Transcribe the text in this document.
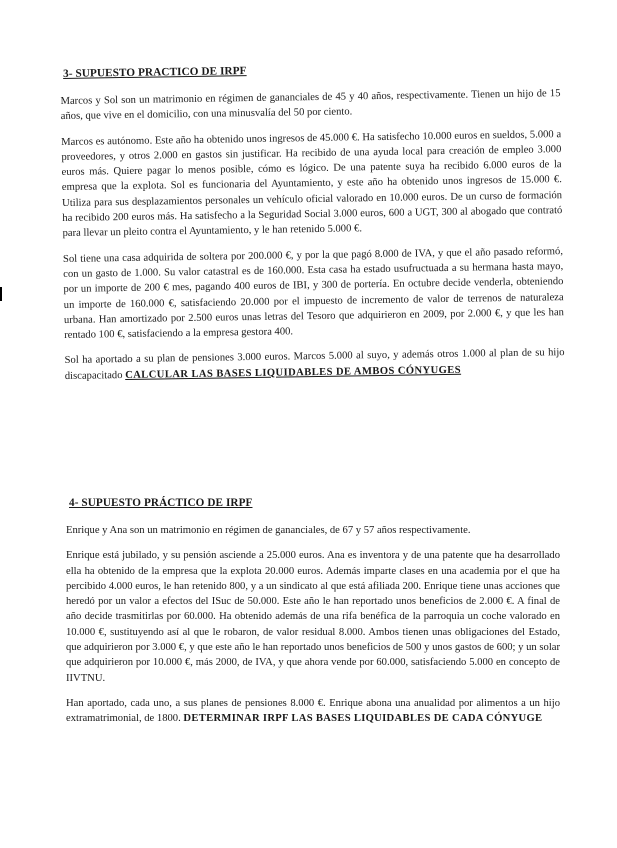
3- SUPUESTO PRACTICO DE IRPF

Marcos y Sol son un matrimonio en régimen de gananciales de 45 y 40 años, respectivamente. Tienen un hijo de 15 años, que vive en el domicilio, con una minusvalía del 50 por ciento.

Marcos es autónomo. Este año ha obtenido unos ingresos de 45.000 €. Ha satisfecho 10.000 euros en sueldos, 5.000 a proveedores, y otros 2.000 en gastos sin justificar. Ha recibido de una ayuda local para creación de empleo 3.000 euros más. Quiere pagar lo menos posible, cómo es lógico. De una patente suya ha recibido 6.000 euros de la empresa que la explota. Sol es funcionaria del Ayuntamiento, y este año ha obtenido unos ingresos de 15.000 €. Utiliza para sus desplazamientos personales un vehículo oficial valorado en 10.000 euros. De un curso de formación ha recibido 200 euros más. Ha satisfecho a la Seguridad Social 3.000 euros, 600 a UGT, 300 al abogado que contrató para llevar un pleito contra el Ayuntamiento, y le han retenido 5.000 €.

Sol tiene una casa adquirida de soltera por 200.000 €, y por la que pagó 8.000 de IVA, y que el año pasado reformó, con un gasto de 1.000. Su valor catastral es de 160.000. Esta casa ha estado usufructuada a su hermana hasta mayo, por un importe de 200 € mes, pagando 400 euros de IBI, y 300 de portería. En octubre decide venderla, obteniendo un importe de 160.000 €, satisfaciendo 20.000 por el impuesto de incremento de valor de terrenos de naturaleza urbana. Han amortizado por 2.500 euros unas letras del Tesoro que adquirieron en 2009, por 2.000 €, y que les han rentado 100 €, satisfaciendo a la empresa gestora 400.

Sol ha aportado a su plan de pensiones 3.000 euros. Marcos 5.000 al suyo, y además otros 1.000 al plan de su hijo discapacitado CALCULAR LAS BASES LIQUIDABLES DE AMBOS CÓNYUGES

4- SUPUESTO PRÁCTICO DE IRPF

Enrique y Ana son un matrimonio en régimen de gananciales, de 67 y 57 años respectivamente.

Enrique está jubilado, y su pensión asciende a 25.000 euros. Ana es inventora y de una patente que ha desarrollado ella ha obtenido de la empresa que la explota 20.000 euros. Además imparte clases en una academia por el que ha percibido 4.000 euros, le han retenido 800, y a un sindicato al que está afiliada 200. Enrique tiene unas acciones que heredó por un valor a efectos del ISuc de 50.000. Este año le han reportado unos beneficios de 2.000 €. A final de año decide trasmitirlas por 60.000. Ha obtenido además de una rifa benéfica de la parroquia un coche valorado en 10.000 €, sustituyendo así al que le robaron, de valor residual 8.000. Ambos tienen unas obligaciones del Estado, que adquirieron por 3.000 €, y que este año le han reportado unos beneficios de 500 y unos gastos de 600; y un solar que adquirieron por 10.000 €, más 2000, de IVA, y que ahora vende por 60.000, satisfaciendo 5.000 en concepto de IIVTNU.

Han aportado, cada uno, a sus planes de pensiones 8.000 €. Enrique abona una anualidad por alimentos a un hijo extramatrimonial, de 1800. DETERMINAR IRPF LAS BASES LIQUIDABLES DE CADA CÓNYUGE
